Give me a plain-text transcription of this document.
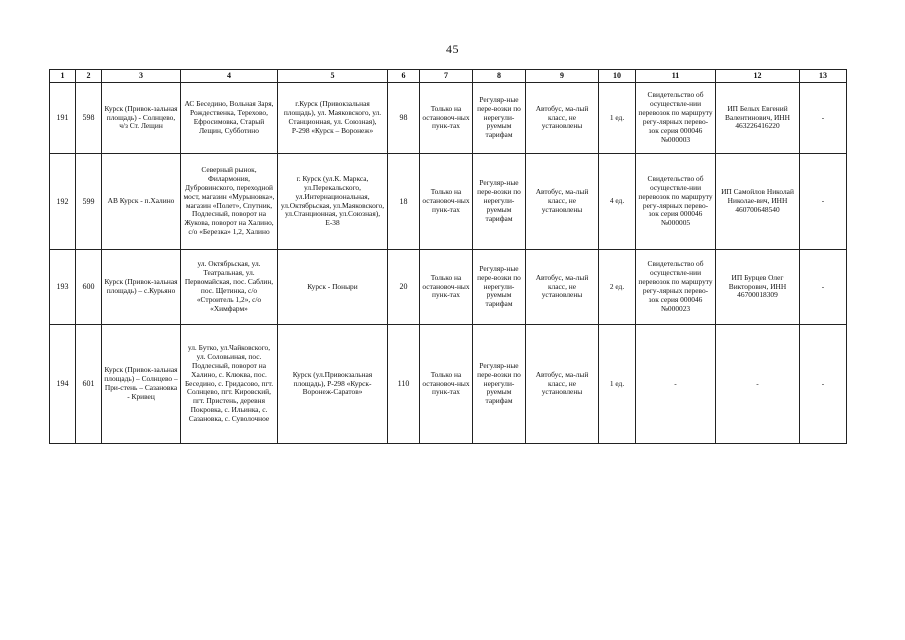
45
1	2	3	4	5	6	7	8	9	10	11	12	13
191	598	Курск (Привок-зальная площадь) - Солнцево, ч/з Ст. Лещин	АС Беседино, Вольная Заря, Рождественка, Терехово, Ефросимовка, Старый Лещин, Субботино	г.Курск (Привокзальная площадь), ул. Маяковского, ул. Станционная, ул. Союзная), Р-298 «Курск – Воронеж»	98	Только на остановоч-ных пунк-тах	Регуляр-ные пере-возки по нерегули-руемым тарифам	Автобус, ма-лый класс, не установлены	1 ед.	Свидетельство об осуществле-нии перевозок по маршруту регу-лярных перево-зок серия 000046 №000003	ИП Белых Евгений Валентинович, ИНН 463226416220	-
192	599	АВ Курск - п.Халино	Северный рынок, Филармония, Дубровинского, переходной мост, магазин «Мурыновка», магазин «Полет», Спутник, Подлесный, поворот на Жукова, поворот на Халино, с/о «Березка» 1,2, Халино	г. Курск (ул.К. Маркса, ул.Перекальского, ул.Интернациональная, ул.Октябрьская, ул.Маяковского, ул.Станционная, ул.Союзная), Е-38	18	Только на остановоч-ных пунк-тах	Регуляр-ные пере-возки по нерегули-руемым тарифам	Автобус, ма-лый класс, не установлены	4 ед.	Свидетельство об осуществле-нии перевозок по маршруту регу-лярных перево-зок серия 000046 №000005	ИП Самойлов Николай Николае-вич, ИНН 460700648540	-
193	600	Курск (Привок-зальная площадь) – с.Курьяно	ул. Октябрьская, ул. Театральная, ул. Первомайская, пос. Саблин, пос. Щетинка, с/о «Строитель 1,2», с/о «Химфарм»	Курск - Поныри	20	Только на остановоч-ных пунк-тах	Регуляр-ные пере-возки по нерегули-руемым тарифам	Автобус, ма-лый класс, не установлены	2 ед.	Свидетельство об осуществле-нии перевозок по маршруту регу-лярных перево-зок серия 000046 №000023	ИП Бурцев Олег Викторович, ИНН 46700018309	-
194	601	Курск (Привок-зальная площадь) – Солнцево – При-стень – Сазановка - Кривец	ул. Бутко, ул.Чайковского, ул. Соловьиная, пос. Подлесный, поворот на Халино, с. Клюква, пос. Беседино, с. Гридасово, пгт. Солнцево, пгт. Кировский, пгт. Пристень, деревня Покровка, с. Ильинка, с. Сазановка, с. Суволочное	Курск (ул.Привокзальная площадь), Р-298 «Курск-Воронеж-Саратов»	110	Только на остановоч-ных пунк-тах	Регуляр-ные пере-возки по нерегули-руемым тарифам	Автобус, ма-лый класс, не установлены	1 ед.	-	-	-
